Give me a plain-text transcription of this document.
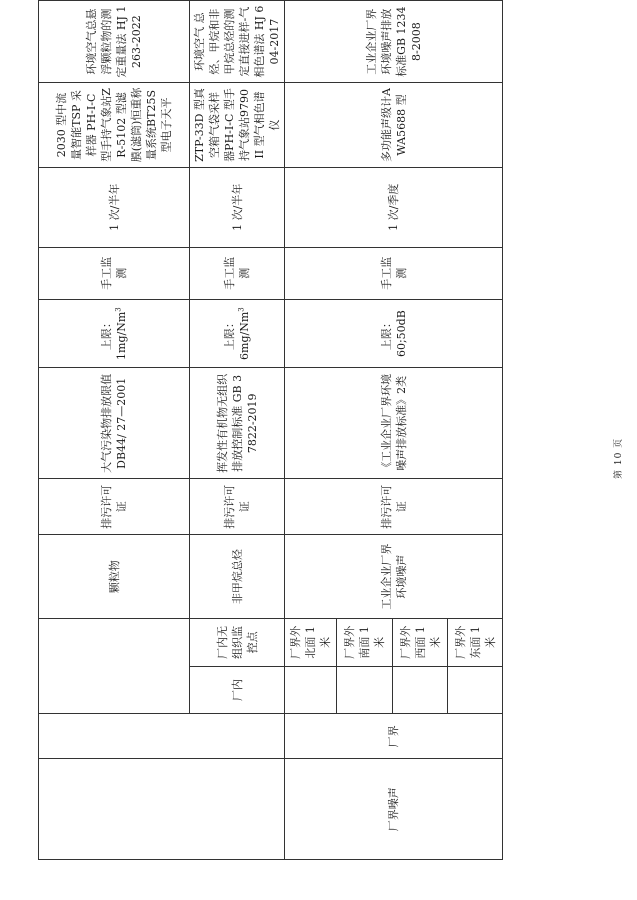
				颗粒物	排污许可证	大气污染物排放限值 DB44/ 27—2001	上限： 1mg/Nm$^3$	手工监测	1 次/半年	2030 型中流量智能TSP 采样器 PH-I-C 型手持气象站ZR-5102 型滤膜(滤筒)恒重称量系统BT25S 型电子天平	环境空气总悬浮颗粒物的测定重量法 HJ 1263-2022
		厂内	厂内无组织监控点	非甲烷总烃	排污许可证	挥发性有机物无组织排放控制标准 GB 37822-2019	上限： 6mg/Nm$^3$	手工监测	1 次/半年	ZTP-33D 型真空箱气袋采样器PH-I-C 型手持气象站9790II 型气相色谱仪	环境空气 总烃、甲烷和非甲烷总烃的测定直接进样-气相色谱法 HJ 604-2017
厂界噪声	厂界		厂界外北面 1 米	工业企业厂界环境噪声	排污许可证	《工业企业厂界环境噪声排放标准》2类	上限： 60;50dB	手工监测	1 次/季度	多功能声级计AWA5688 型	工业企业厂界环境噪声排放标准GB 12348-2008
			厂界外南面 1 米								
			厂界外西面 1 米								
			厂界外东面 1 米								
第 10 页
